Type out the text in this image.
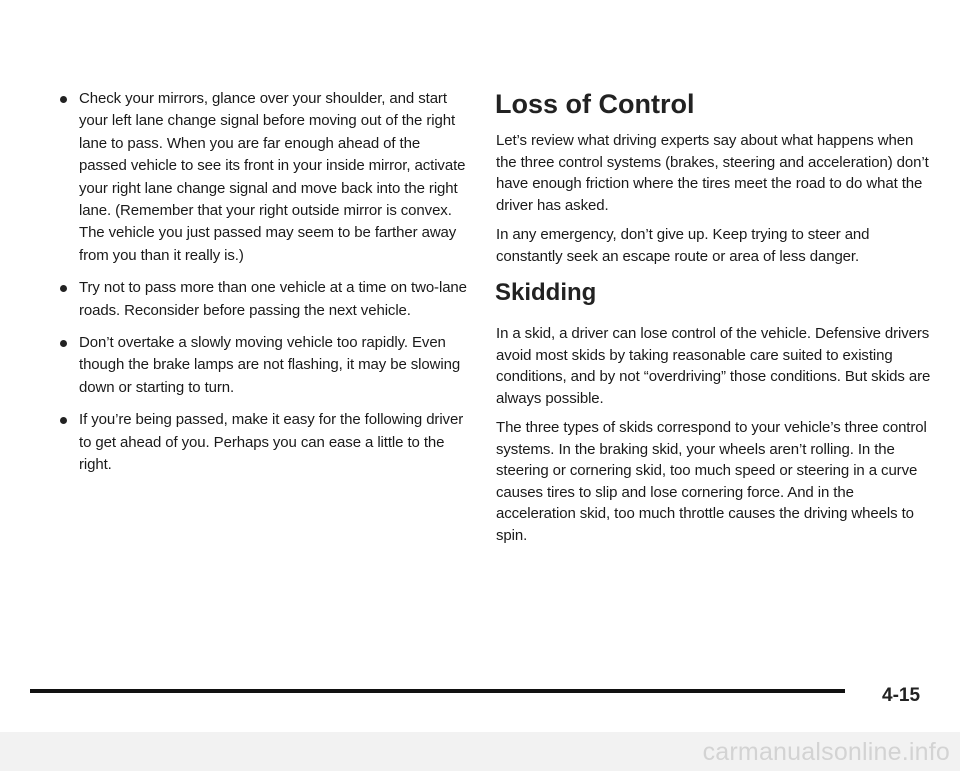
Check your mirrors, glance over your shoulder, and start your left lane change signal before moving out of the right lane to pass. When you are far enough ahead of the passed vehicle to see its front in your inside mirror, activate your right lane change signal and move back into the right lane. (Remember that your right outside mirror is convex. The vehicle you just passed may seem to be farther away from you than it really is.)
Try not to pass more than one vehicle at a time on two-lane roads. Reconsider before passing the next vehicle.
Don’t overtake a slowly moving vehicle too rapidly. Even though the brake lamps are not flashing, it may be slowing down or starting to turn.
If you’re being passed, make it easy for the following driver to get ahead of you. Perhaps you can ease a little to the right.
Loss of Control

Let’s review what driving experts say about what happens when the three control systems (brakes, steering and acceleration) don’t have enough friction where the tires meet the road to do what the driver has asked.

In any emergency, don’t give up. Keep trying to steer and constantly seek an escape route or area of less danger.

Skidding

In a skid, a driver can lose control of the vehicle. Defensive drivers avoid most skids by taking reasonable care suited to existing conditions, and by not “overdriving” those conditions. But skids are always possible.

The three types of skids correspond to your vehicle’s three control systems. In the braking skid, your wheels aren’t rolling. In the steering or cornering skid, too much speed or steering in a curve causes tires to slip and lose cornering force. And in the acceleration skid, too much throttle causes the driving wheels to spin.

4-15
carmanualsonline.info
